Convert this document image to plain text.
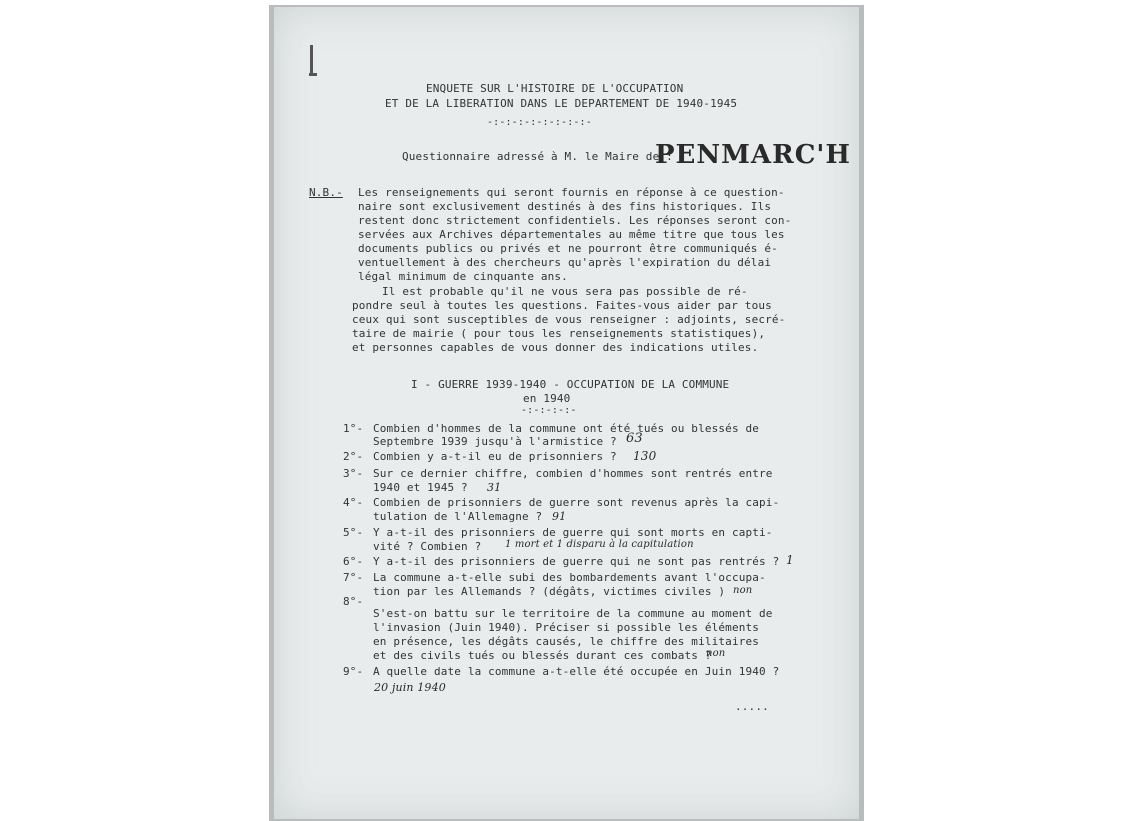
ENQUETE SUR L'HISTOIRE DE L'OCCUPATION
ET DE LA LIBERATION DANS LE DEPARTEMENT DE 1940-1945
-:-:-:-:-:-:-:-:-
Questionnaire adressé à M. le Maire de :
PENMARC'H
N.B.- Les renseignements qui seront fournis en réponse à ce question-
naire sont exclusivement destinés à des fins historiques. Ils
restent donc strictement confidentiels. Les réponses seront con-
servées aux Archives départementales au même titre que tous les
documents publics ou privés et ne pourront être communiqués é-
ventuellement à des chercheurs qu'après l'expiration du délai
légal minimum de cinquante ans.
Il est probable qu'il ne vous sera pas possible de ré-
pondre seul à toutes les questions. Faites-vous aider par tous
ceux qui sont susceptibles de vous renseigner : adjoints, secré-
taire de mairie ( pour tous les renseignements statistiques),
et personnes capables de vous donner des indications utiles.
I - GUERRE 1939-1940 - OCCUPATION DE LA COMMUNE
en 1940
-:-:-:-:-
1°- Combien d'hommes de la commune ont été tués ou blessés de
Septembre 1939 jusqu'à l'armistice ? 63
2°- Combien y a-t-il eu de prisonniers ? 130
3°- Sur ce dernier chiffre, combien d'hommes sont rentrés entre
1940 et 1945 ? 31
4°- Combien de prisonniers de guerre sont revenus après la capi-
tulation de l'Allemagne ? 91
5°- Y a-t-il des prisonniers de guerre qui sont morts en capti-
vité ? Combien ? 1 mort et 1 disparu à la capitulation
6°- Y a-t-il des prisonniers de guerre qui ne sont pas rentrés ? 1
7°- La commune a-t-elle subi des bombardements avant l'occupa-
tion par les Allemands ? (dégâts, victimes civiles ) non
8°-
S'est-on battu sur le territoire de la commune au moment de
l'invasion (Juin 1940). Préciser si possible les éléments
en présence, les dégâts causés, le chiffre des militaires
et des civils tués ou blessés durant ces combats ?
non
9°- A quelle date la commune a-t-elle été occupée en Juin 1940 ?
20 juin 1940
.....
